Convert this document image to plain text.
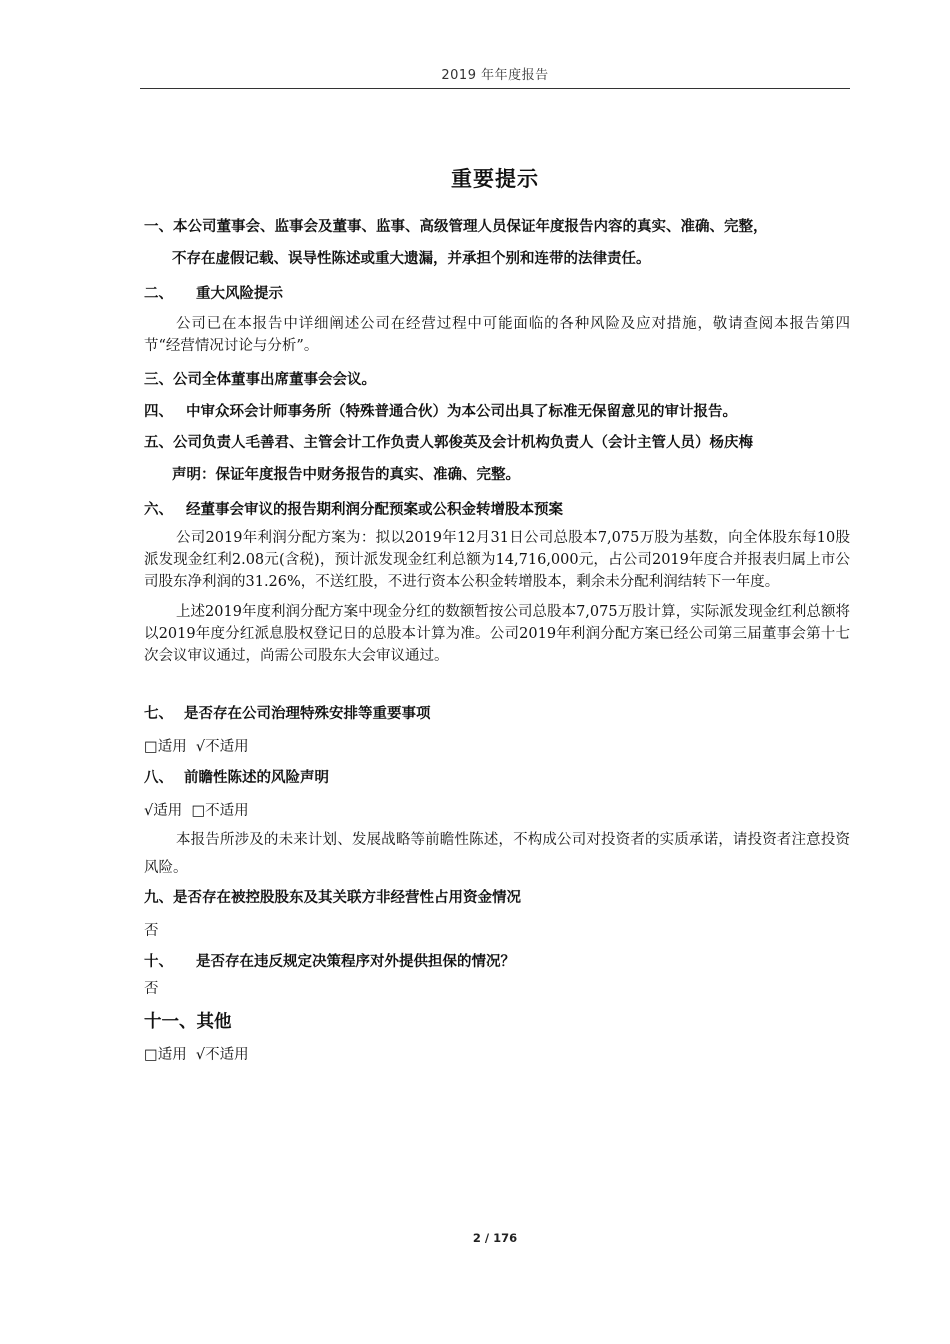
2019 年年度报告
重要提示

一、本公司董事会、监事会及董事、监事、高级管理人员保证年度报告内容的真实、准确、完整，

不存在虚假记载、误导性陈述或重大遗漏，并承担个别和连带的法律责任。

二、 重大风险提示

公司已在本报告中详细阐述公司在经营过程中可能面临的各种风险及应对措施，敬请查阅本报告第四节“经营情况讨论与分析”。

三、公司全体董事出席董事会会议。

四、 中审众环会计师事务所（特殊普通合伙）为本公司出具了标准无保留意见的审计报告。

五、公司负责人毛善君、主管会计工作负责人郭俊英及会计机构负责人（会计主管人员）杨庆梅

声明：保证年度报告中财务报告的真实、准确、完整。

六、 经董事会审议的报告期利润分配预案或公积金转增股本预案

公司2019年利润分配方案为：拟以2019年12月31日公司总股本7,075万股为基数，向全体股东每10股派发现金红利2.08元(含税)，预计派发现金红利总额为14,716,000元，占公司2019年度合并报表归属上市公司股东净利润的31.26%，不送红股，不进行资本公积金转增股本，剩余未分配利润结转下一年度。

上述2019年度利润分配方案中现金分红的数额暂按公司总股本7,075万股计算，实际派发现金红利总额将以2019年度分红派息股权登记日的总股本计算为准。公司2019年利润分配方案已经公司第三届董事会第十七次会议审议通过，尚需公司股东大会审议通过。

七、 是否存在公司治理特殊安排等重要事项

□适用 √不适用

八、 前瞻性陈述的风险声明

√适用 □不适用

本报告所涉及的未来计划、发展战略等前瞻性陈述，不构成公司对投资者的实质承诺，请投资者注意投资风险。

九、是否存在被控股股东及其关联方非经营性占用资金情况

否

十、 是否存在违反规定决策程序对外提供担保的情况？

否

十一、其他

□适用 √不适用

2 / 176
